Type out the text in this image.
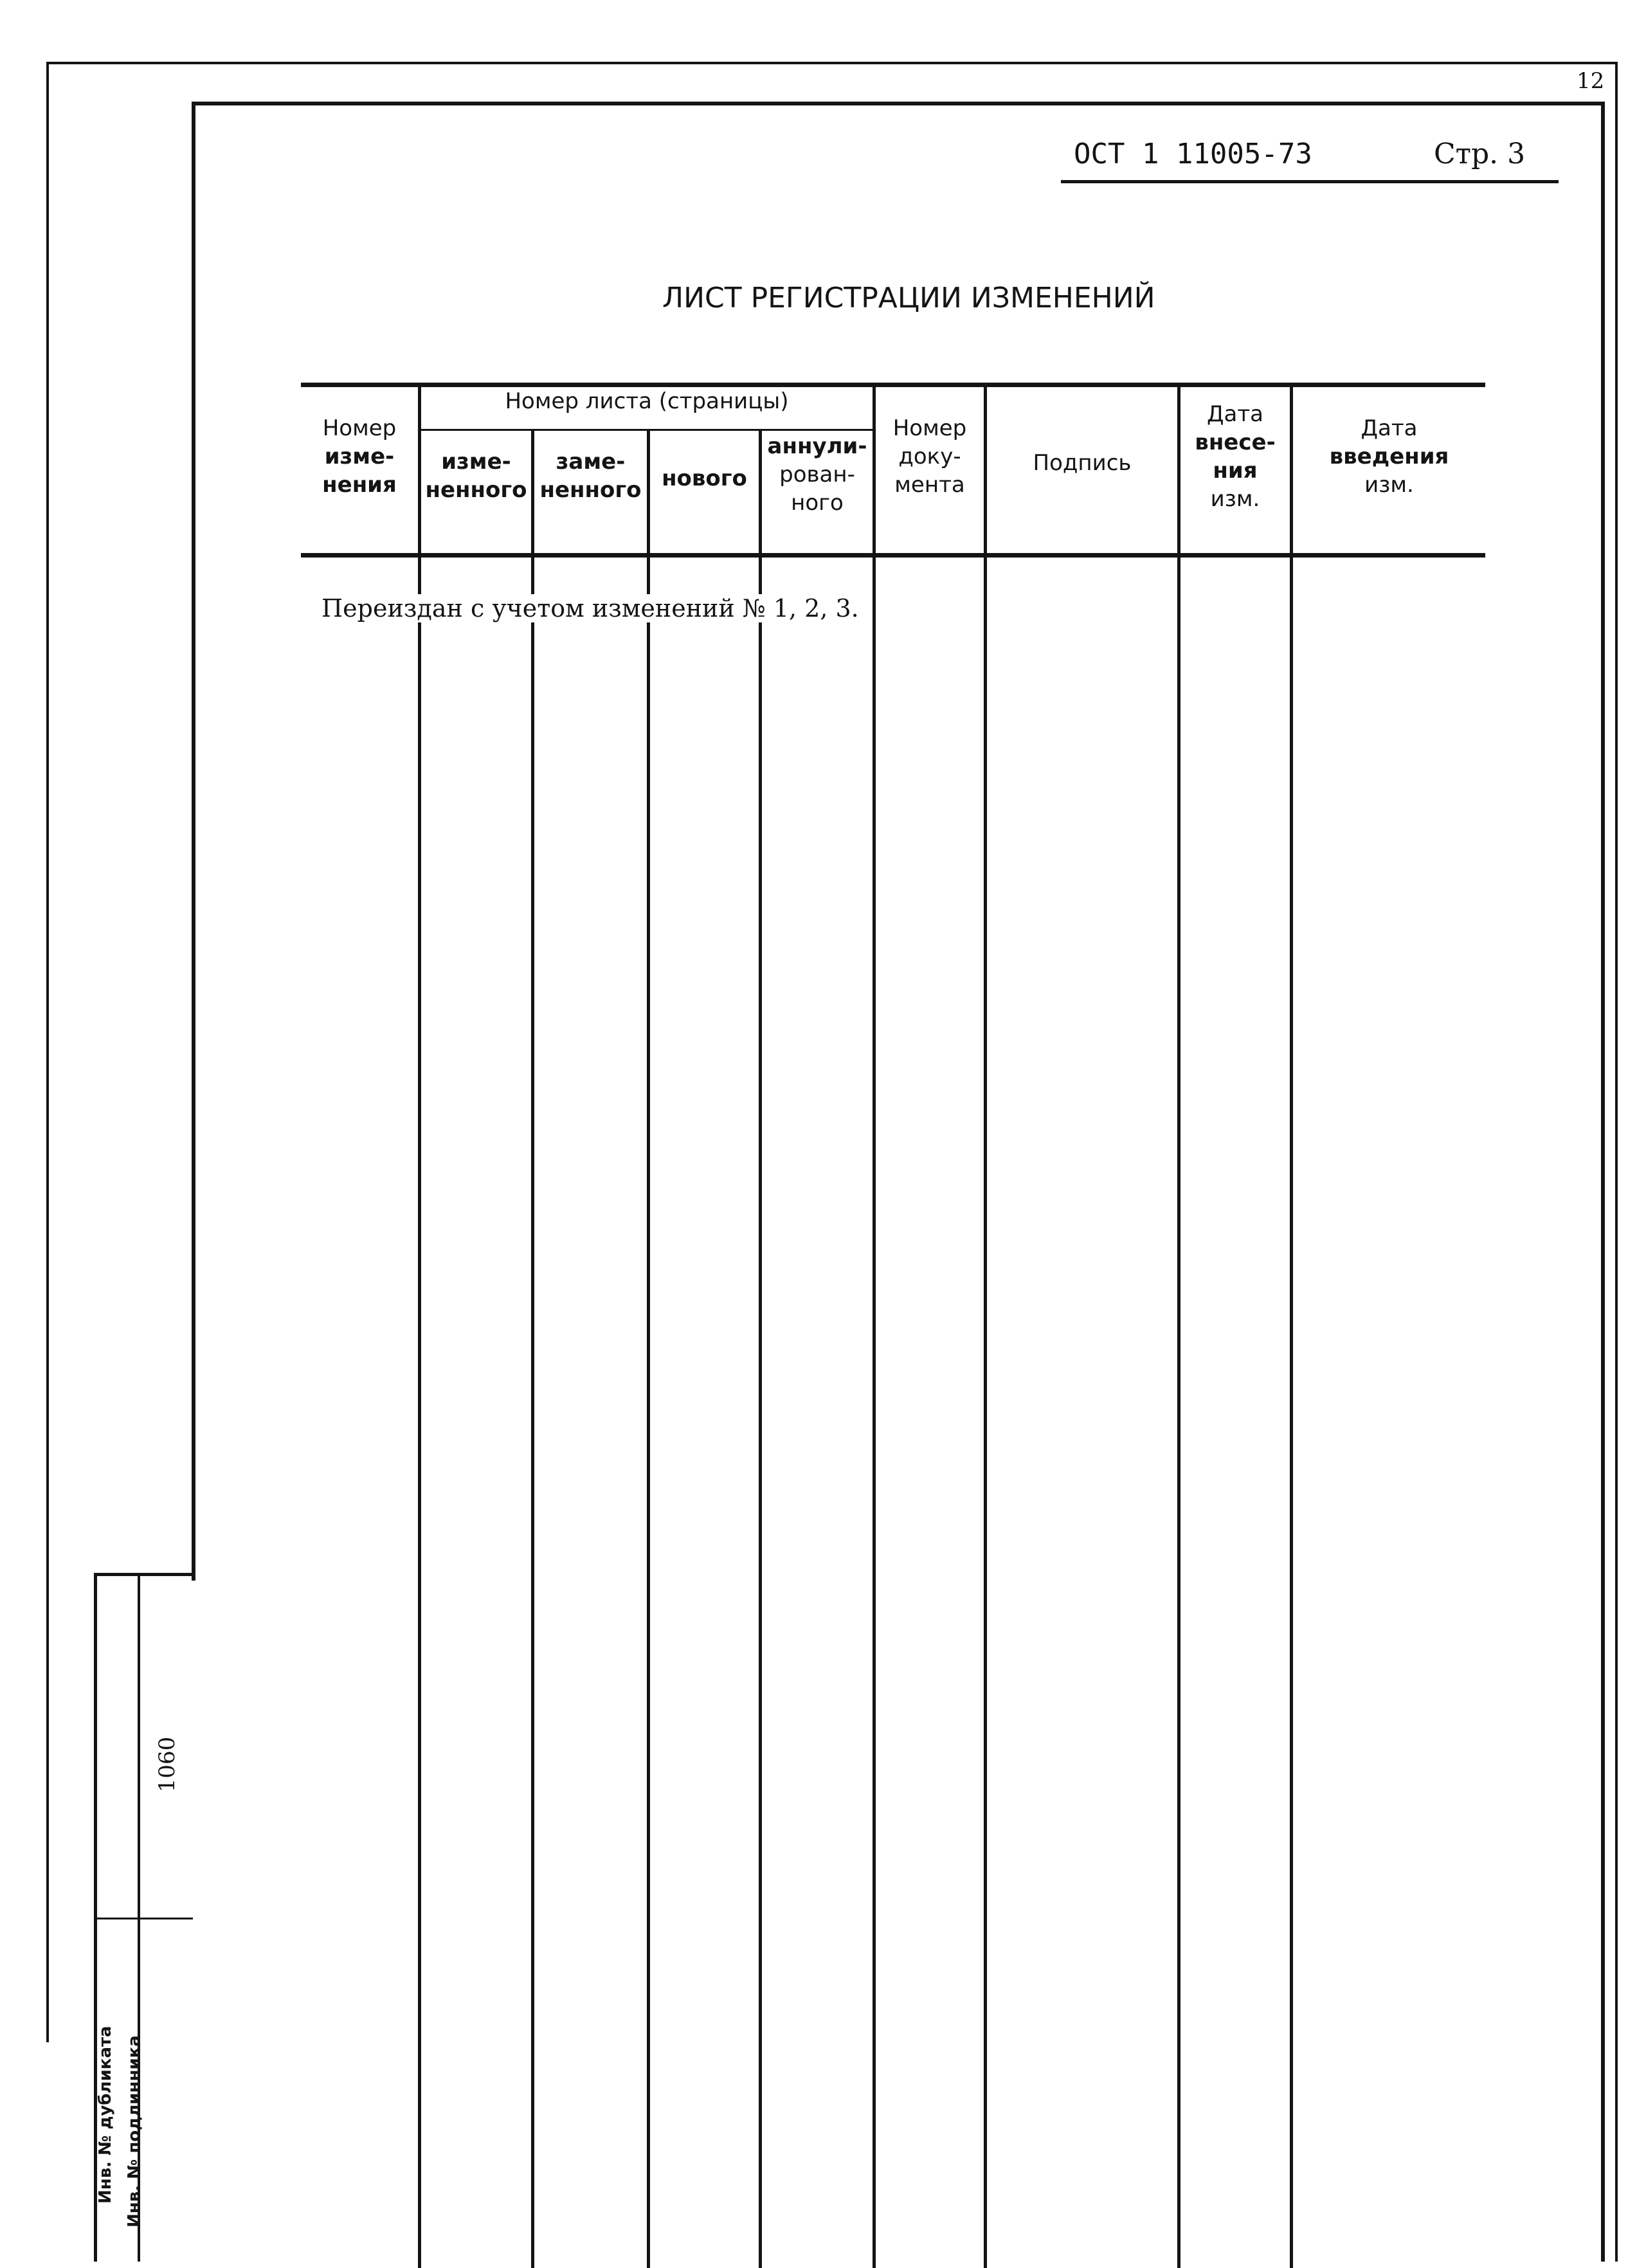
12
ОСТ 1 11005-73	Стр. 3
ЛИСТ РЕГИСТРАЦИИ ИЗМЕНЕНИЙ
Номер
изме-
нения
Номер листа (страницы)
изме-
ненного
заме-
ненного нового
аннули-
рован-
ного
Номер
доку-
мента
Подпись
Дата
внесе-
ния
изм.
Дата
введения
изм.
Переиздан с учетом изменений № 1, 2, 3.
1060
Инв. № подлинника
Инв. № дубликата
